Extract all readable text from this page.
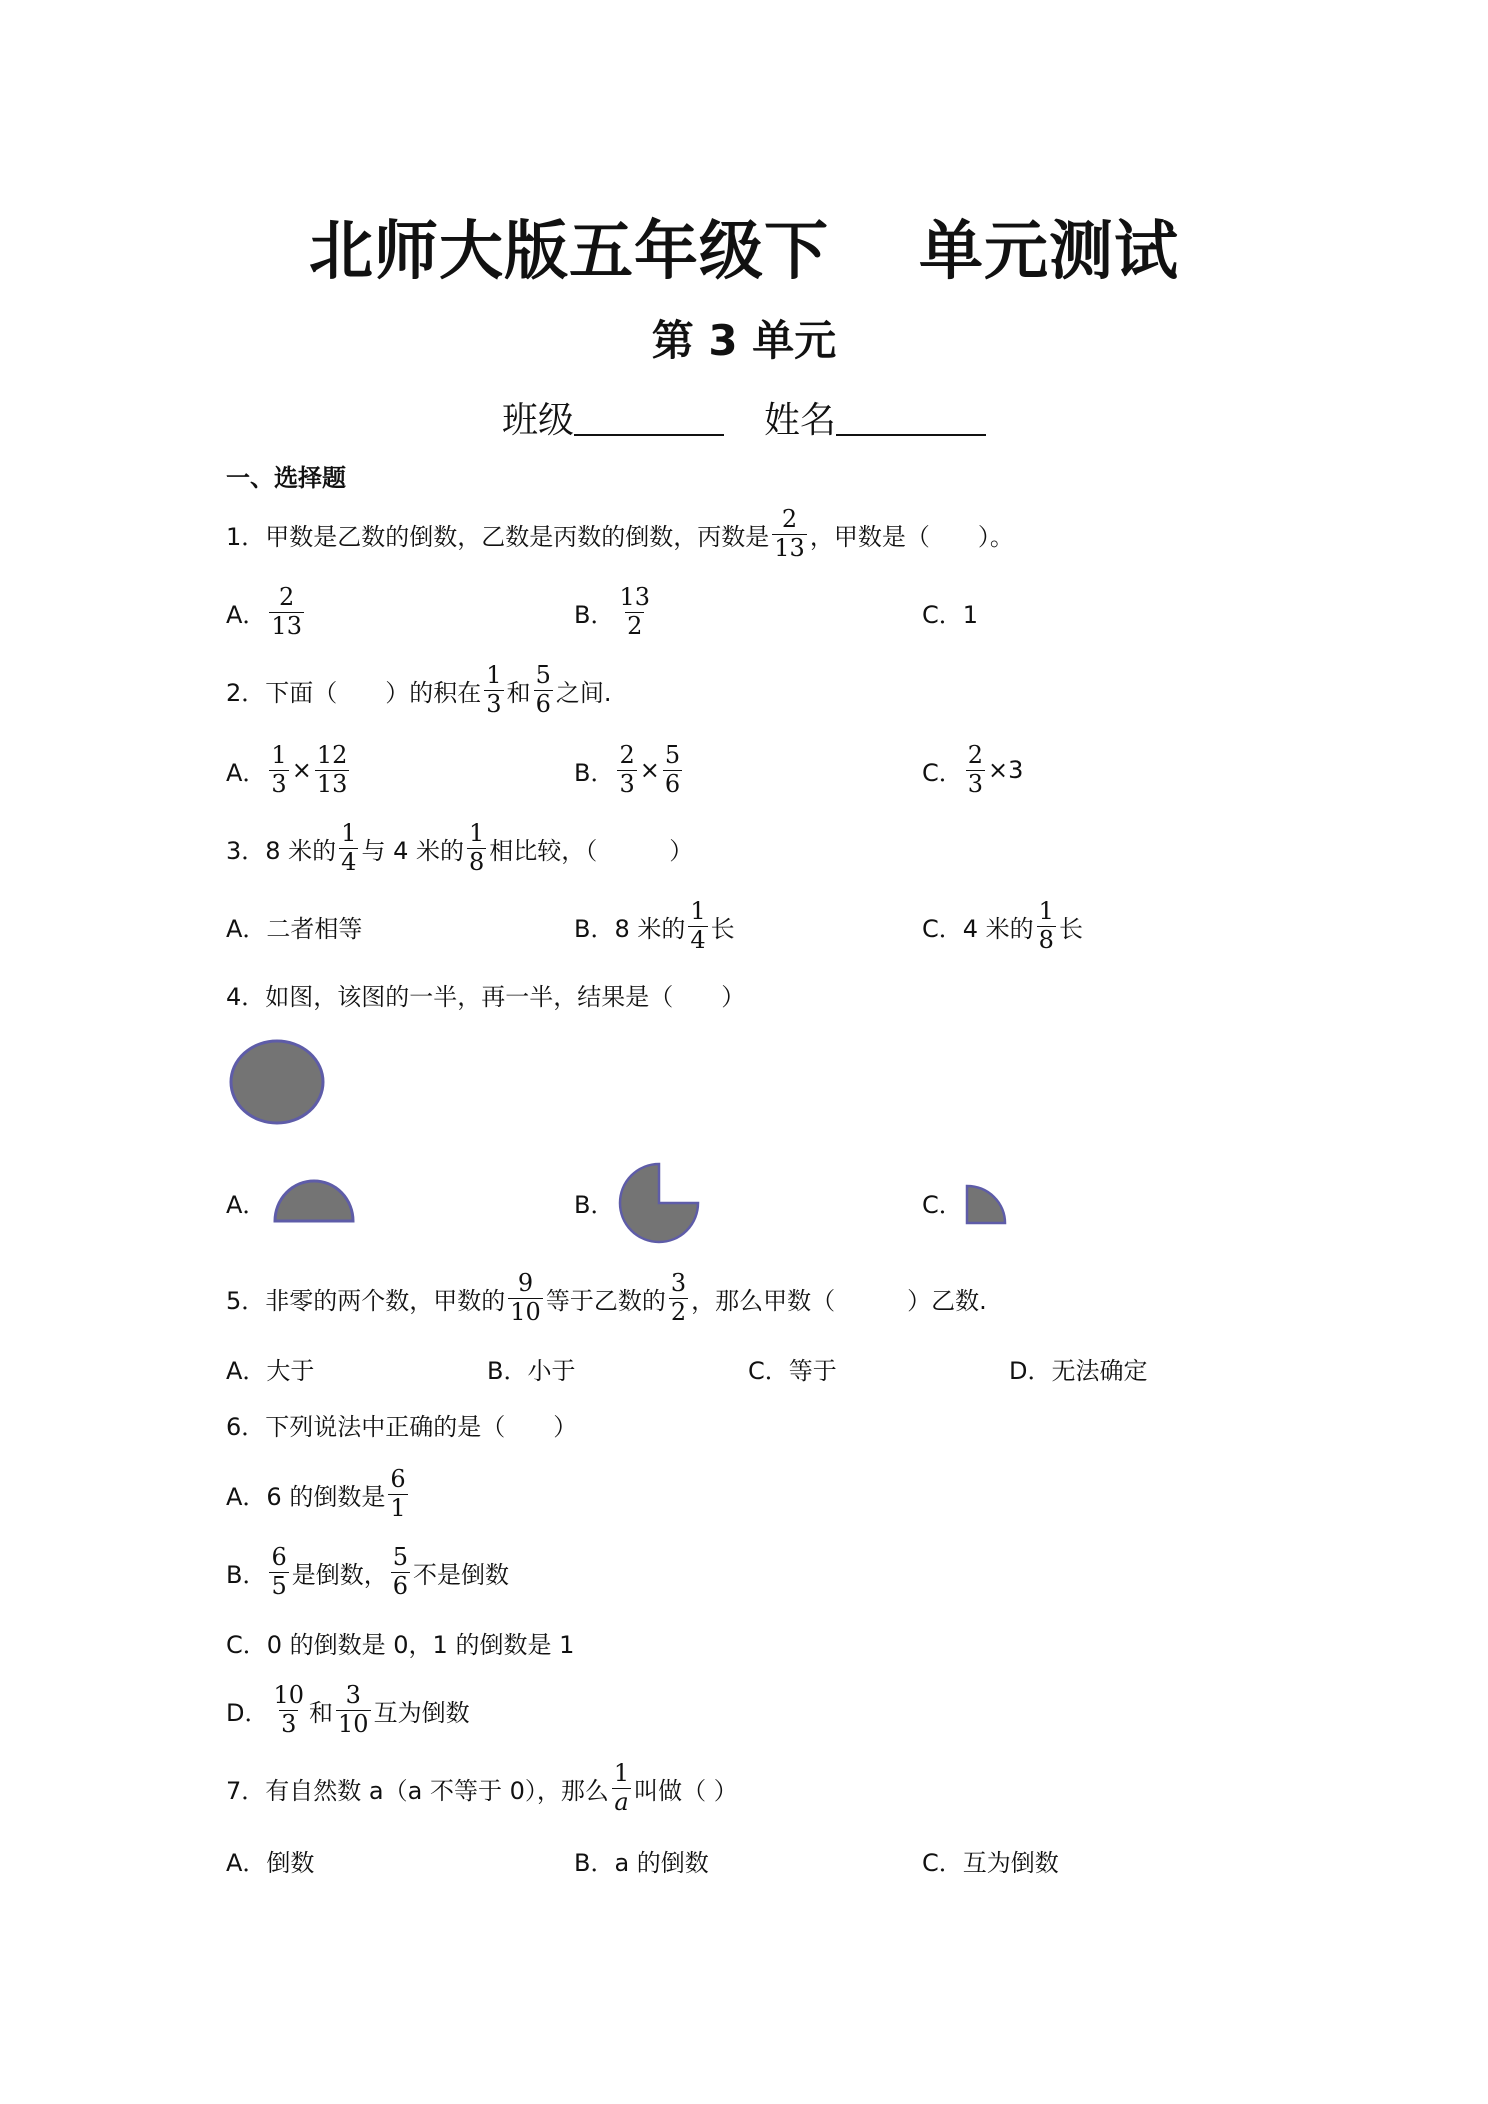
北师大版五年级下 单元测试
第 3 单元
班级	姓名
一、选择题
1．甲数是乙数的倒数，乙数是丙数的倒数，丙数是 $\frac{2}{13}$ ，甲数是（　　）。
A． $\frac{2}{13}$	B． $\frac{13}{2}$	C．1
2．下面（　　）的积在 $\frac{1}{3}$ 和 $\frac{5}{6}$ 之间.
A． $\frac{1}{3} \times \frac{12}{13}$	B． $\frac{2}{3} \times \frac{5}{6}$	C． $\frac{2}{3} \times 3$
3．8 米的 $\frac{1}{4}$ 与 4 米的 $\frac{1}{8}$ 相比较，（　　　）
A．二者相等	B．8 米的 $\frac{1}{4}$ 长	C．4 米的 $\frac{1}{8}$ 长
4．如图，该图的一半，再一半，结果是（　　）
A．	B．	C．
5．非零的两个数，甲数的 $\frac{9}{10}$ 等于乙数的 $\frac{3}{2}$ ，那么甲数（　　　）乙数.
A．大于	B．小于	C．等于	D．无法确定
6．下列说法中正确的是（　　）
A．6 的倒数是 $\frac{6}{1}$
B． $\frac{6}{5}$ 是倒数， $\frac{5}{6}$ 不是倒数
C．0 的倒数是 0，1 的倒数是 1
D． $\frac{10}{3}$ 和 $\frac{3}{10}$ 互为倒数
7．有自然数 a（a 不等于 0），那么 $\frac{1}{a}$ 叫做（ ）
A．倒数	B．a 的倒数	C．互为倒数
